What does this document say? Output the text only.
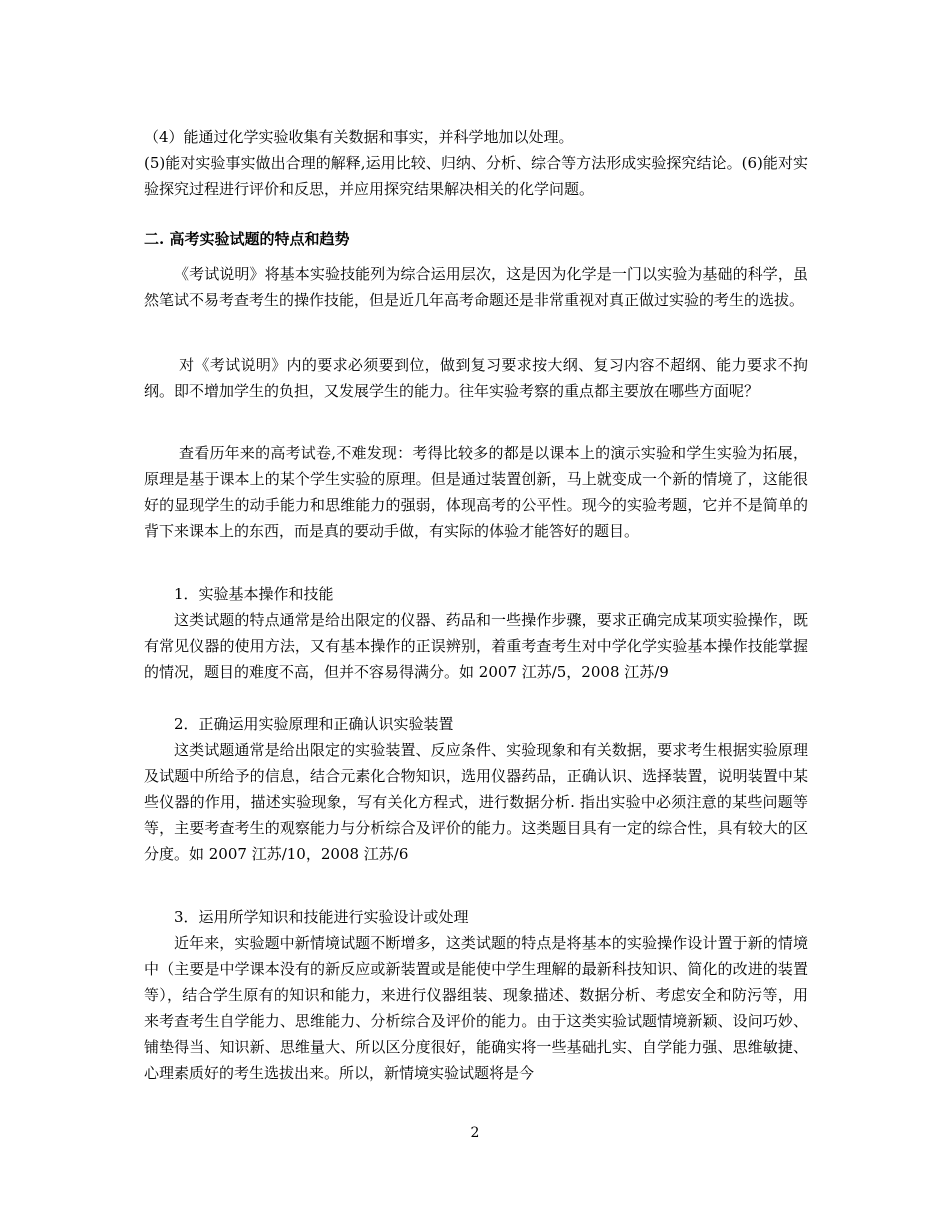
（4）能通过化学实验收集有关数据和事实，并科学地加以处理。

(5)能对实验事实做出合理的解释,运用比较、归纳、分析、综合等方法形成实验探究结论。(6)能对实验探究过程进行评价和反思，并应用探究结果解决相关的化学问题。

二. 高考实验试题的特点和趋势

《考试说明》将基本实验技能列为综合运用层次，这是因为化学是一门以实验为基础的科学，虽然笔试不易考查考生的操作技能，但是近几年高考命题还是非常重视对真正做过实验的考生的选拔。

对《考试说明》内的要求必须要到位，做到复习要求按大纲、复习内容不超纲、能力要求不拘纲。即不增加学生的负担，又发展学生的能力。往年实验考察的重点都主要放在哪些方面呢？

查看历年来的高考试卷,不难发现：考得比较多的都是以课本上的演示实验和学生实验为拓展，原理是基于课本上的某个学生实验的原理。但是通过装置创新，马上就变成一个新的情境了，这能很好的显现学生的动手能力和思维能力的强弱，体现高考的公平性。现今的实验考题，它并不是简单的背下来课本上的东西，而是真的要动手做，有实际的体验才能答好的题目。

1．实验基本操作和技能

这类试题的特点通常是给出限定的仪器、药品和一些操作步骤，要求正确完成某项实验操作，既有常见仪器的使用方法，又有基本操作的正误辨别，着重考查考生对中学化学实验基本操作技能掌握的情况，题目的难度不高，但并不容易得满分。如 2007 江苏/5，2008 江苏/9

2．正确运用实验原理和正确认识实验装置

这类试题通常是给出限定的实验装置、反应条件、实验现象和有关数据，要求考生根据实验原理及试题中所给予的信息，结合元素化合物知识，选用仪器药品，正确认识、选择装置，说明装置中某些仪器的作用，描述实验现象，写有关化方程式，进行数据分析. 指出实验中必须注意的某些问题等等，主要考查考生的观察能力与分析综合及评价的能力。这类题目具有一定的综合性，具有较大的区分度。如 2007 江苏/10，2008 江苏/6

3．运用所学知识和技能进行实验设计或处理

近年来，实验题中新情境试题不断增多，这类试题的特点是将基本的实验操作设计置于新的情境中（主要是中学课本没有的新反应或新装置或是能使中学生理解的最新科技知识、简化的改进的装置等），结合学生原有的知识和能力，来进行仪器组装、现象描述、数据分析、考虑安全和防污等，用来考查考生自学能力、思维能力、分析综合及评价的能力。由于这类实验试题情境新颖、设问巧妙、铺垫得当、知识新、思维量大、所以区分度很好，能确实将一些基础扎实、自学能力强、思维敏捷、心理素质好的考生选拔出来。所以，新情境实验试题将是今

2
